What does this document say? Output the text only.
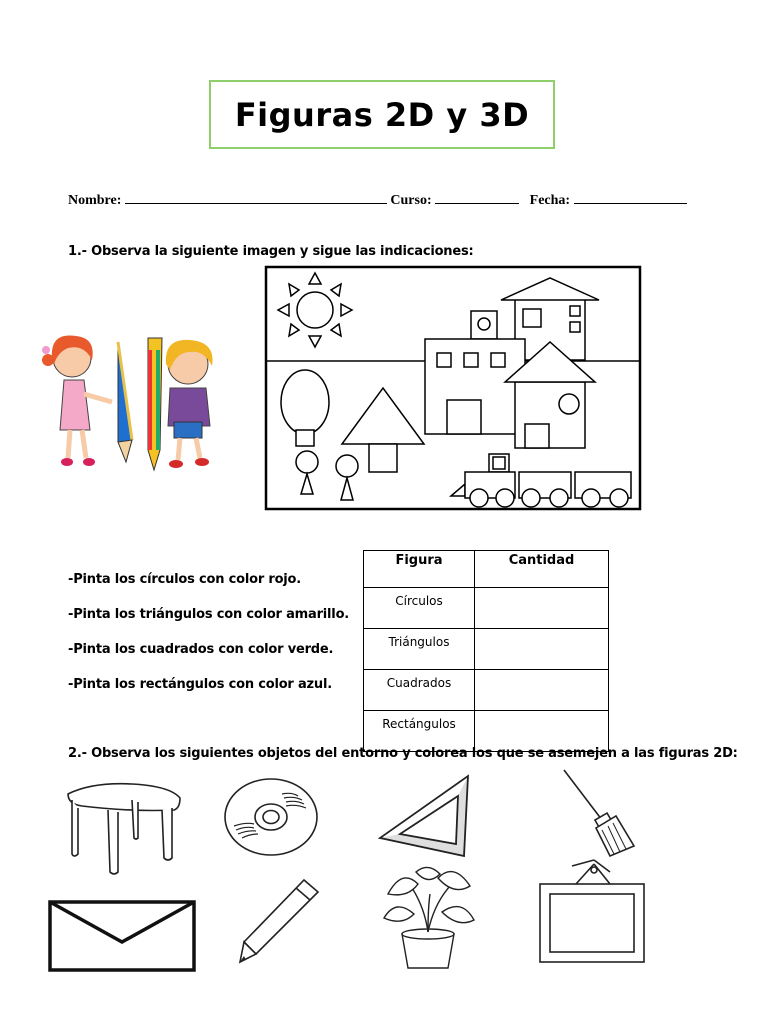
Figuras 2D y 3D
Nombre:	Curso:	Fecha:
1.- Observa la siguiente imagen y sigue las indicaciones:
-Pinta los círculos con color rojo.
-Pinta los triángulos con color amarillo.
-Pinta los cuadrados con color verde.
-Pinta los rectángulos con color azul.
Figura	Cantidad
Círculos	
Triángulos	
Cuadrados	
Rectángulos	
2.- Observa los siguientes objetos del entorno y colorea los que se asemejen a las figuras 2D:
